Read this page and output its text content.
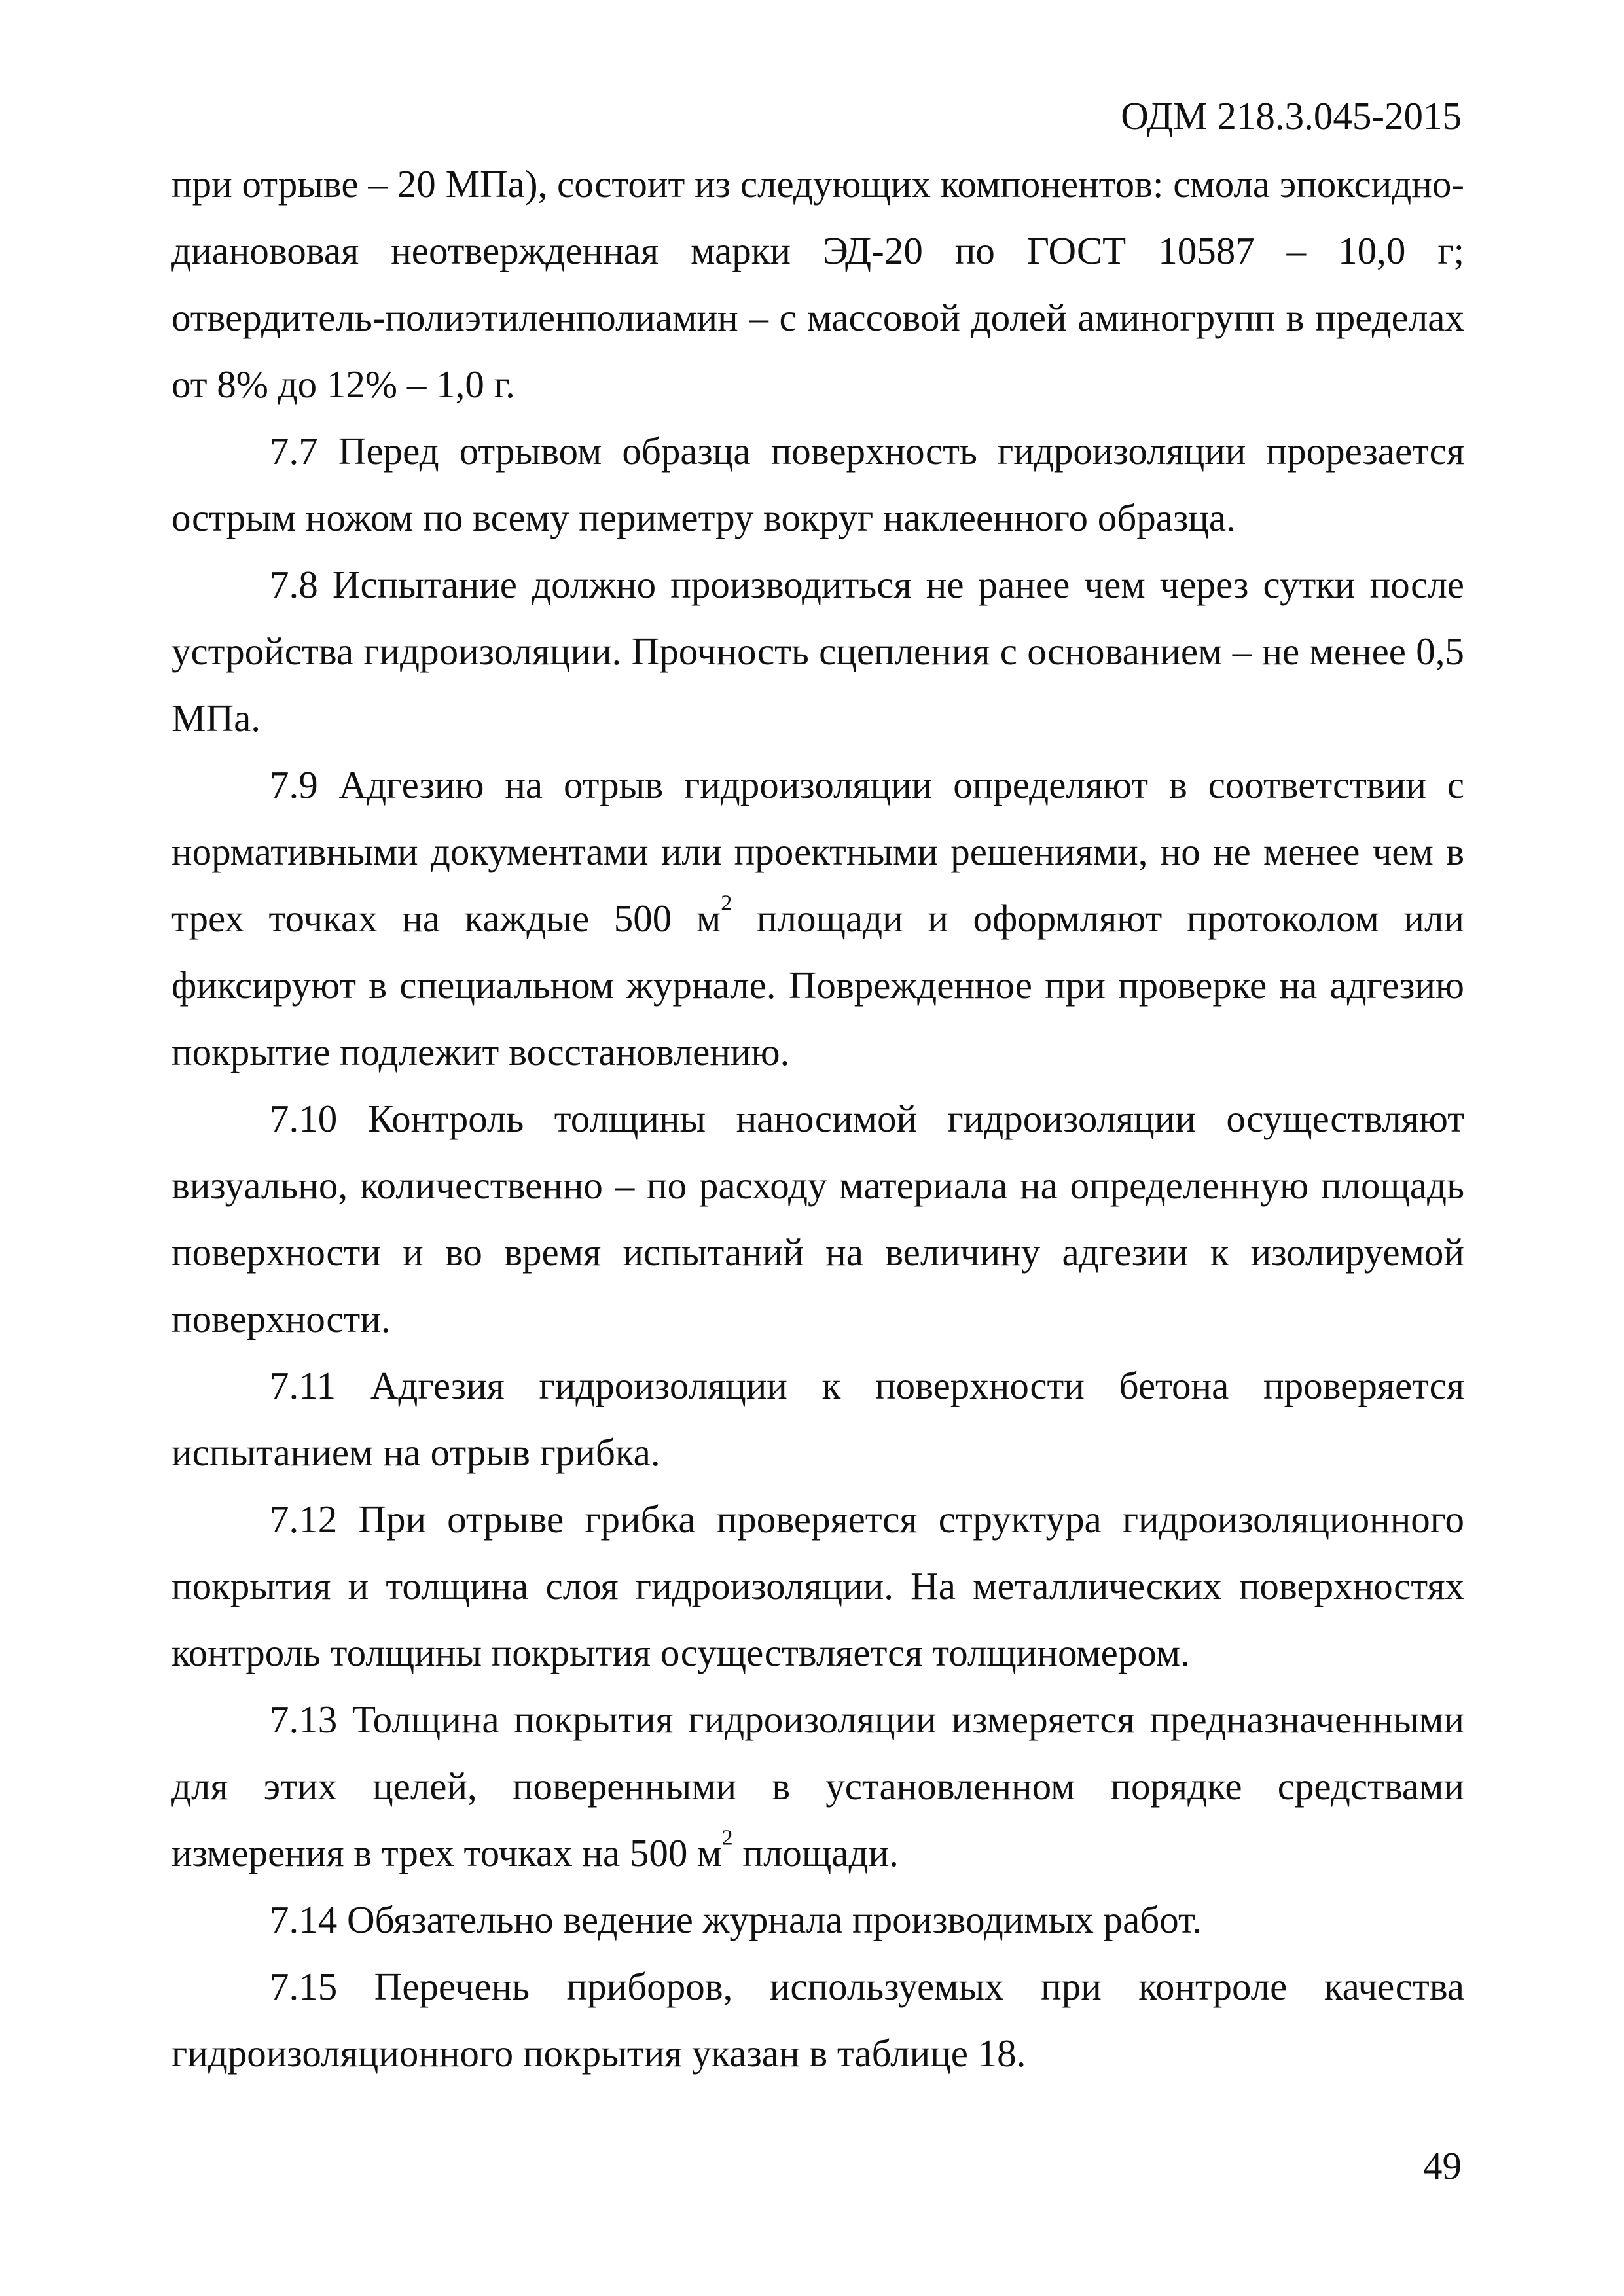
ОДМ 218.3.045-2015

при отрыве – 20 МПа), состоит из следующих компонентов: смола эпоксидно-дианововая неотвержденная марки ЭД-20 по ГОСТ 10587 – 10,0 г; отвердитель-полиэтиленполиамин – с массовой долей аминогрупп в пределах от 8% до 12% – 1,0 г.

7.7 Перед отрывом образца поверхность гидроизоляции прорезается острым ножом по всему периметру вокруг наклеенного образца.

7.8 Испытание должно производиться не ранее чем через сутки после устройства гидроизоляции. Прочность сцепления с основанием – не менее 0,5 МПа.

7.9 Адгезию на отрыв гидроизоляции определяют в соответствии с нормативными документами или проектными решениями, но не менее чем в трех точках на каждые 500 $м^2$ площади и оформляют протоколом или фиксируют в специальном журнале. Поврежденное при проверке на адгезию покрытие подлежит восстановлению.

7.10 Контроль толщины наносимой гидроизоляции осуществляют визуально, количественно – по расходу материала на определенную площадь поверхности и во время испытаний на величину адгезии к изолируемой поверхности.

7.11 Адгезия гидроизоляции к поверхности бетона проверяется испытанием на отрыв грибка.

7.12 При отрыве грибка проверяется структура гидроизоляционного покрытия и толщина слоя гидроизоляции. На металлических поверхностях контроль толщины покрытия осуществляется толщиномером.

7.13 Толщина покрытия гидроизоляции измеряется предназначенными для этих целей, поверенными в установленном порядке средствами измерения в трех точках на 500 $м^2$ площади.

7.14 Обязательно ведение журнала производимых работ.

7.15 Перечень приборов, используемых при контроле качества гидроизоляционного покрытия указан в таблице 18.

49
